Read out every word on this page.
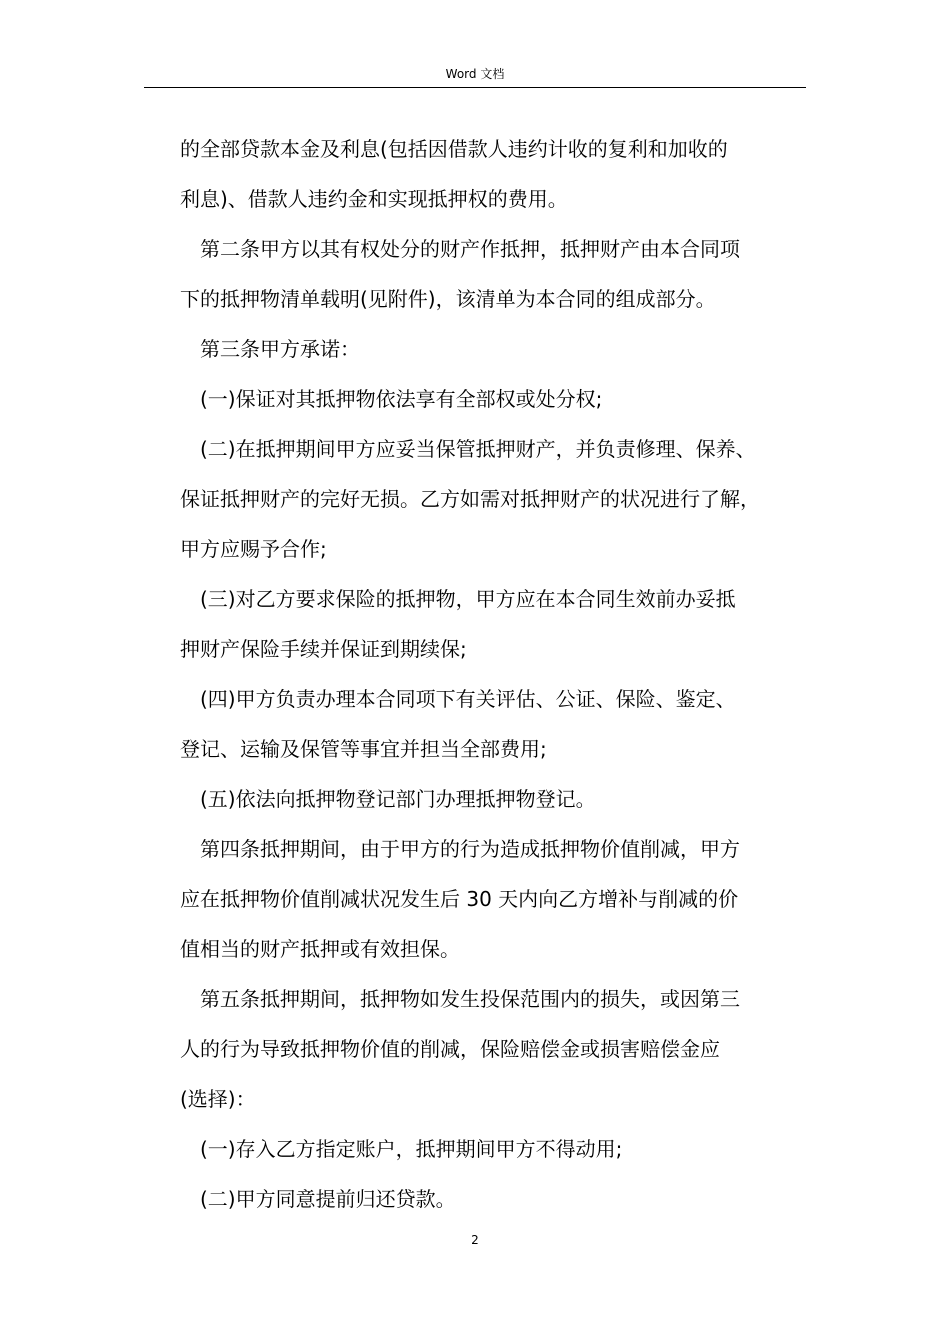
Word 文档
的全部贷款本金及利息(包括因借款人违约计收的复利和加收的
利息)、借款人违约金和实现抵押权的费用。
第二条甲方以其有权处分的财产作抵押，抵押财产由本合同项
下的抵押物清单载明(见附件)，该清单为本合同的组成部分。
第三条甲方承诺：
(一)保证对其抵押物依法享有全部权或处分权;
(二)在抵押期间甲方应妥当保管抵押财产，并负责修理、保养、
保证抵押财产的完好无损。乙方如需对抵押财产的状况进行了解，
甲方应赐予合作;
(三)对乙方要求保险的抵押物，甲方应在本合同生效前办妥抵
押财产保险手续并保证到期续保;
(四)甲方负责办理本合同项下有关评估、公证、保险、鉴定、
登记、运输及保管等事宜并担当全部费用;
(五)依法向抵押物登记部门办理抵押物登记。
第四条抵押期间，由于甲方的行为造成抵押物价值削减，甲方
应在抵押物价值削减状况发生后 30 天内向乙方增补与削减的价
值相当的财产抵押或有效担保。
第五条抵押期间，抵押物如发生投保范围内的损失，或因第三
人的行为导致抵押物价值的削减，保险赔偿金或损害赔偿金应
(选择)：
(一)存入乙方指定账户，抵押期间甲方不得动用;
(二)甲方同意提前归还贷款。
2
